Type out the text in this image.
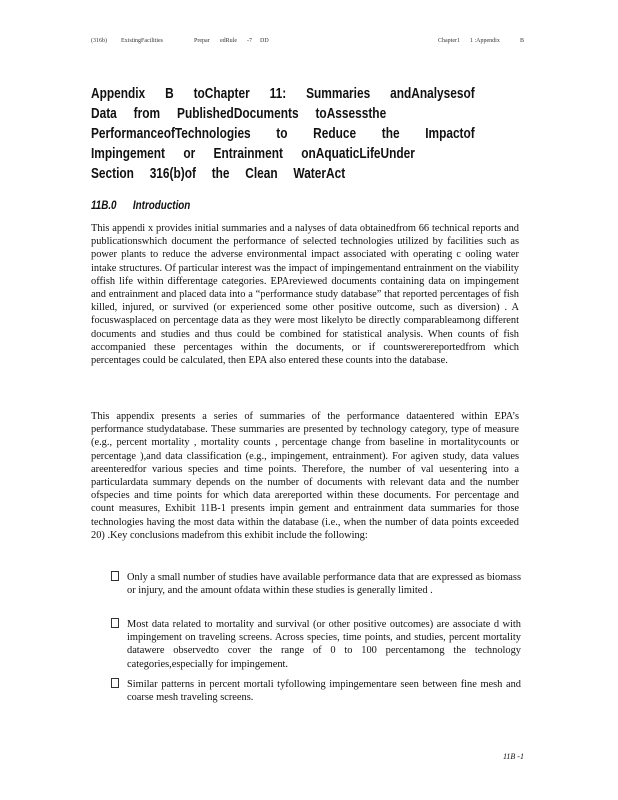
(316b) ExistingFacilities	Prepar edRule -7 DD	Chapter1 1 :Appendix	B
Appendix B toChapter 11: Summaries andAnalysesof
Data from PublishedDocuments toAssessthe
PerformanceofTechnologies to Reduce the Impactof
Impingement or Entrainment onAquaticLifeUnder
Section 316(b)of the Clean WaterAct
11B.0 Introduction

This appendi x provides initial summaries and a nalyses of data obtainedfrom 66 technical reports and publicationswhich document the performance of selected technologies utilized by facilities such as power plants to reduce the adverse environmental impact associated with operating c ooling water intake structures. Of particular interest was the impact of impingementand entrainment on the viability offish life within differentage categories. EPAreviewed documents containing data on impingement and entrainment and placed data into a “performance study database” that reported percentages of fish killed, injured, or survived (or experienced some other positive outcome, such as diversion) . A focuswasplaced on percentage data as they were most likelyto be directly comparableamong different documents and studies and thus could be combined for statistical analysis. When counts of fish accompanied these percentages within the documents, or if countswerereportedfrom which percentages could be calculated, then EPA also entered these counts into the database.

This appendix presents a series of summaries of the performance dataentered within EPA’s performance studydatabase. These summaries are presented by technology category, type of measure (e.g., percent mortality , mortality counts , percentage change from baseline in mortalitycounts or percentage ),and data classification (e.g., impingement, entrainment). For agiven study, data values areenteredfor various species and time points. Therefore, the number of val uesentering into a particulardata summary depends on the number of documents with relevant data and the number ofspecies and time points for which data arereported within these documents. For percentage and count measures, Exhibit 11B-1 presents impin gement and entrainment data summaries for those technologies having the most data within the database (i.e., when the number of data points exceeded 20) .Key conclusions madefrom this exhibit include the following:

Only a small number of studies have available performance data that are expressed as biomass or injury, and the amount ofdata within these studies is generally limited .
Most data related to mortality and survival (or other positive outcomes) are associate d with impingement on traveling screens. Across species, time points, and studies, percent mortality datawere observedto cover the range of 0 to 100 percentamong the technology categories,especially for impingement.
Similar patterns in percent mortali tyfollowing impingementare seen between fine mesh and coarse mesh traveling screens.
11B -1
